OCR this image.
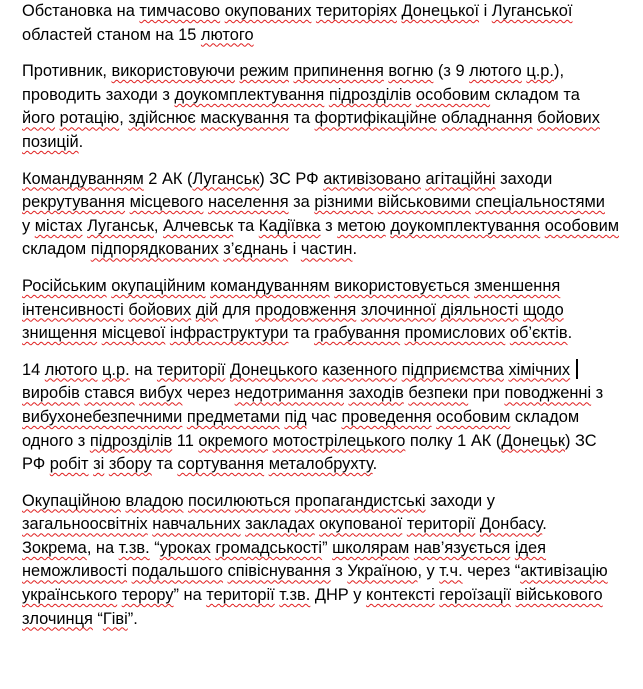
Обстановка на тимчасово окупованих територіях Донецької і Луганської
областей станом на 15 лютого
Противник, використовуючи режим припинення вогню (з 9 лютого ц.р.),
проводить заходи з доукомплектування підрозділів особовим складом та
його ротацію, здійснює маскування та фортифікаційне обладнання бойових
позицій.
Командуванням 2 АК (Луганськ) ЗС РФ активізовано агітаційні заходи
рекрутування місцевого населення за різними військовими спеціальностями
у містах Луганськ, Алчевськ та Кадіївка з метою доукомплектування особовим
складом підпорядкованих з’єднань і частин.
Російським окупаційним командуванням використовується зменшення
інтенсивності бойових дій для продовження злочинної діяльності щодо
знищення місцевої інфраструктури та грабування промислових об’єктів.
14 лютого ц.р. на території Донецького казенного підприємства хімічних
виробів стався вибух через недотримання заходів безпеки при поводженні з
вибухонебезпечними предметами під час проведення особовим складом
одного з підрозділів 11 окремого мотострілецького полку 1 АК (Донецьк) ЗС
РФ робіт зі збору та сортування металобрухту.
Окупаційною владою посилюються пропагандистські заходи у
загальноосвітніх навчальних закладах окупованої території Донбасу.
Зокрема, на т.зв. “уроках громадськості” школярам нав’язується ідея
неможливості подальшого співіснування з Україною, у т.ч. через “активізацію
українського терору” на території т.зв. ДНР у контексті героїзації військового
злочинця “Гіві”.
